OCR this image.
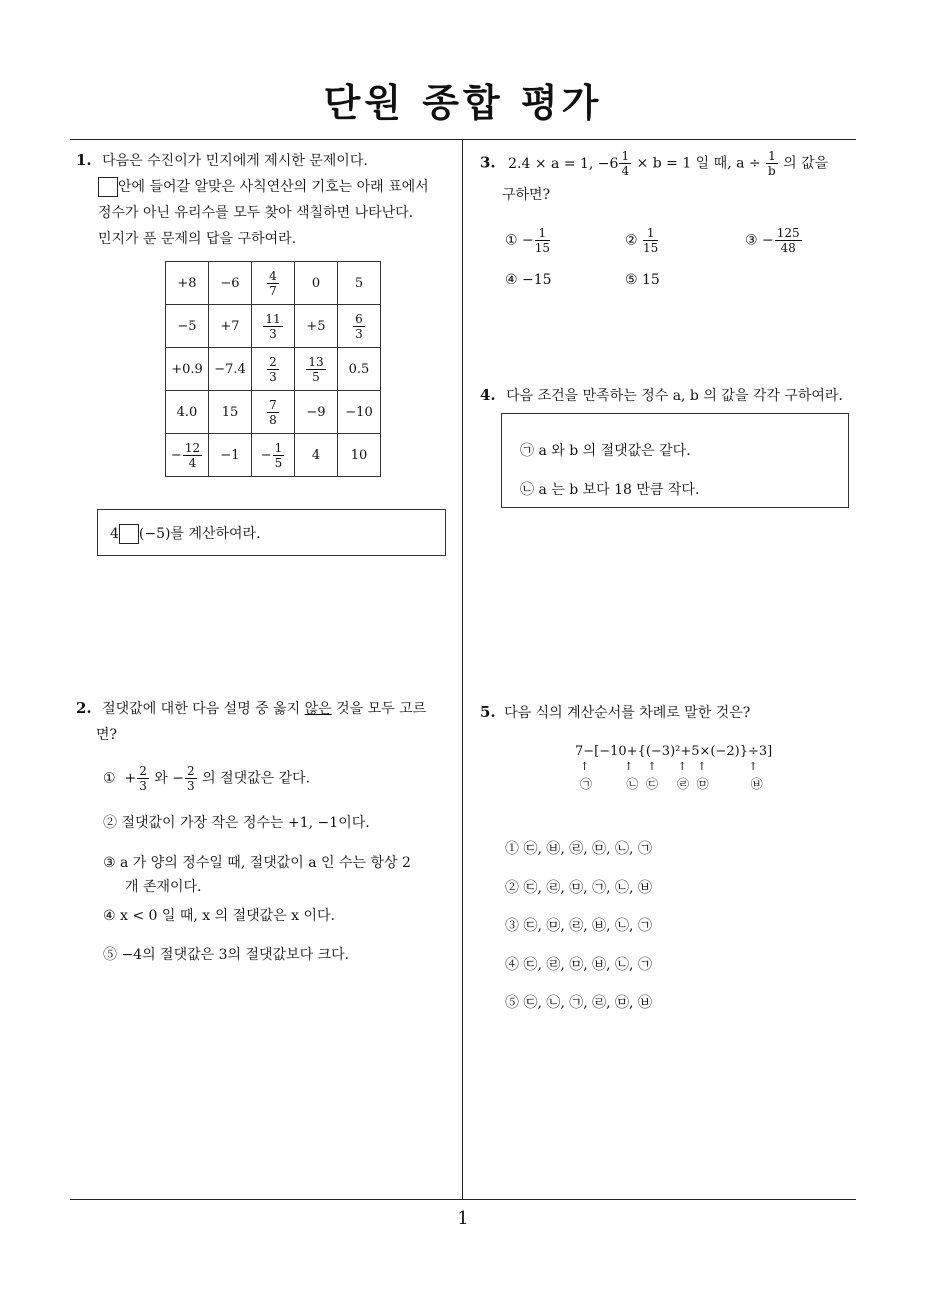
단원 종합 평가
1
1. 다음은 수진이가 민지에게 제시한 문제이다.
안에 들어갈 알맞은 사칙연산의 기호는 아래 표에서
정수가 아닌 유리수를 모두 찾아 색칠하면 나타난다.
민지가 푼 문제의 답을 구하여라.
+8	−6	$\frac{4}{7}$	0	5
−5	+7	$\frac{11}{3}$	+5	$\frac{6}{3}$

+0.9	−7.4	$\frac{2}{3}$	$\frac{13}{5}$	0.5
4.0	15	$\frac{7}{8}$	−9	−10
− $\frac{12}{4}$	−1	− $\frac{1}{5}$	4	10
4 (−5)를 계산하여라.
2. 절댓값에 대한 다음 설명 중 옳지 않은 것을 모두 고르
면?
① + $\frac{2}{3}$ 와 − $\frac{2}{3}$ 의 절댓값은 같다.
② 절댓값이 가장 작은 정수는 +1, −1이다.
③ a 가 양의 정수일 때, 절댓값이 a 인 수는 항상 2
개 존재이다.
④ x < 0 일 때, x 의 절댓값은 x 이다.
⑤ −4의 절댓값은 3의 절댓값보다 크다.
3. 2.4 × a = 1, $-6 \frac{1}{4} \times b = 1$ 일 때, $a \div \frac{1}{b}$ 의 값을
구하면?
① − $\frac{1}{15}$	② $\frac{1}{15}$	③ − $\frac{125}{48}$
④ −15	⑤ 15
4. 다음 조건을 만족하는 정수 a, b 의 값을 각각 구하여라.
㉠ a 와 b 의 절댓값은 같다.
㉡ a 는 b 보다 18 만큼 작다.
5. 다음 식의 계산순서를 차례로 말한 것은?
7−[−10+{(−3)²+5×(−2)}÷3]
↑          ↑    ↑      ↑   ↑            ↑
㉠         ㉡  ㉢     ㉣  ㉤           ㉥
① ㉢, ㉥, ㉣, ㉤, ㉡, ㉠
② ㉢, ㉣, ㉤, ㉠, ㉡, ㉥
③ ㉢, ㉤, ㉣, ㉥, ㉡, ㉠
④ ㉢, ㉣, ㉤, ㉥, ㉡, ㉠
⑤ ㉢, ㉡, ㉠, ㉣, ㉤, ㉥
